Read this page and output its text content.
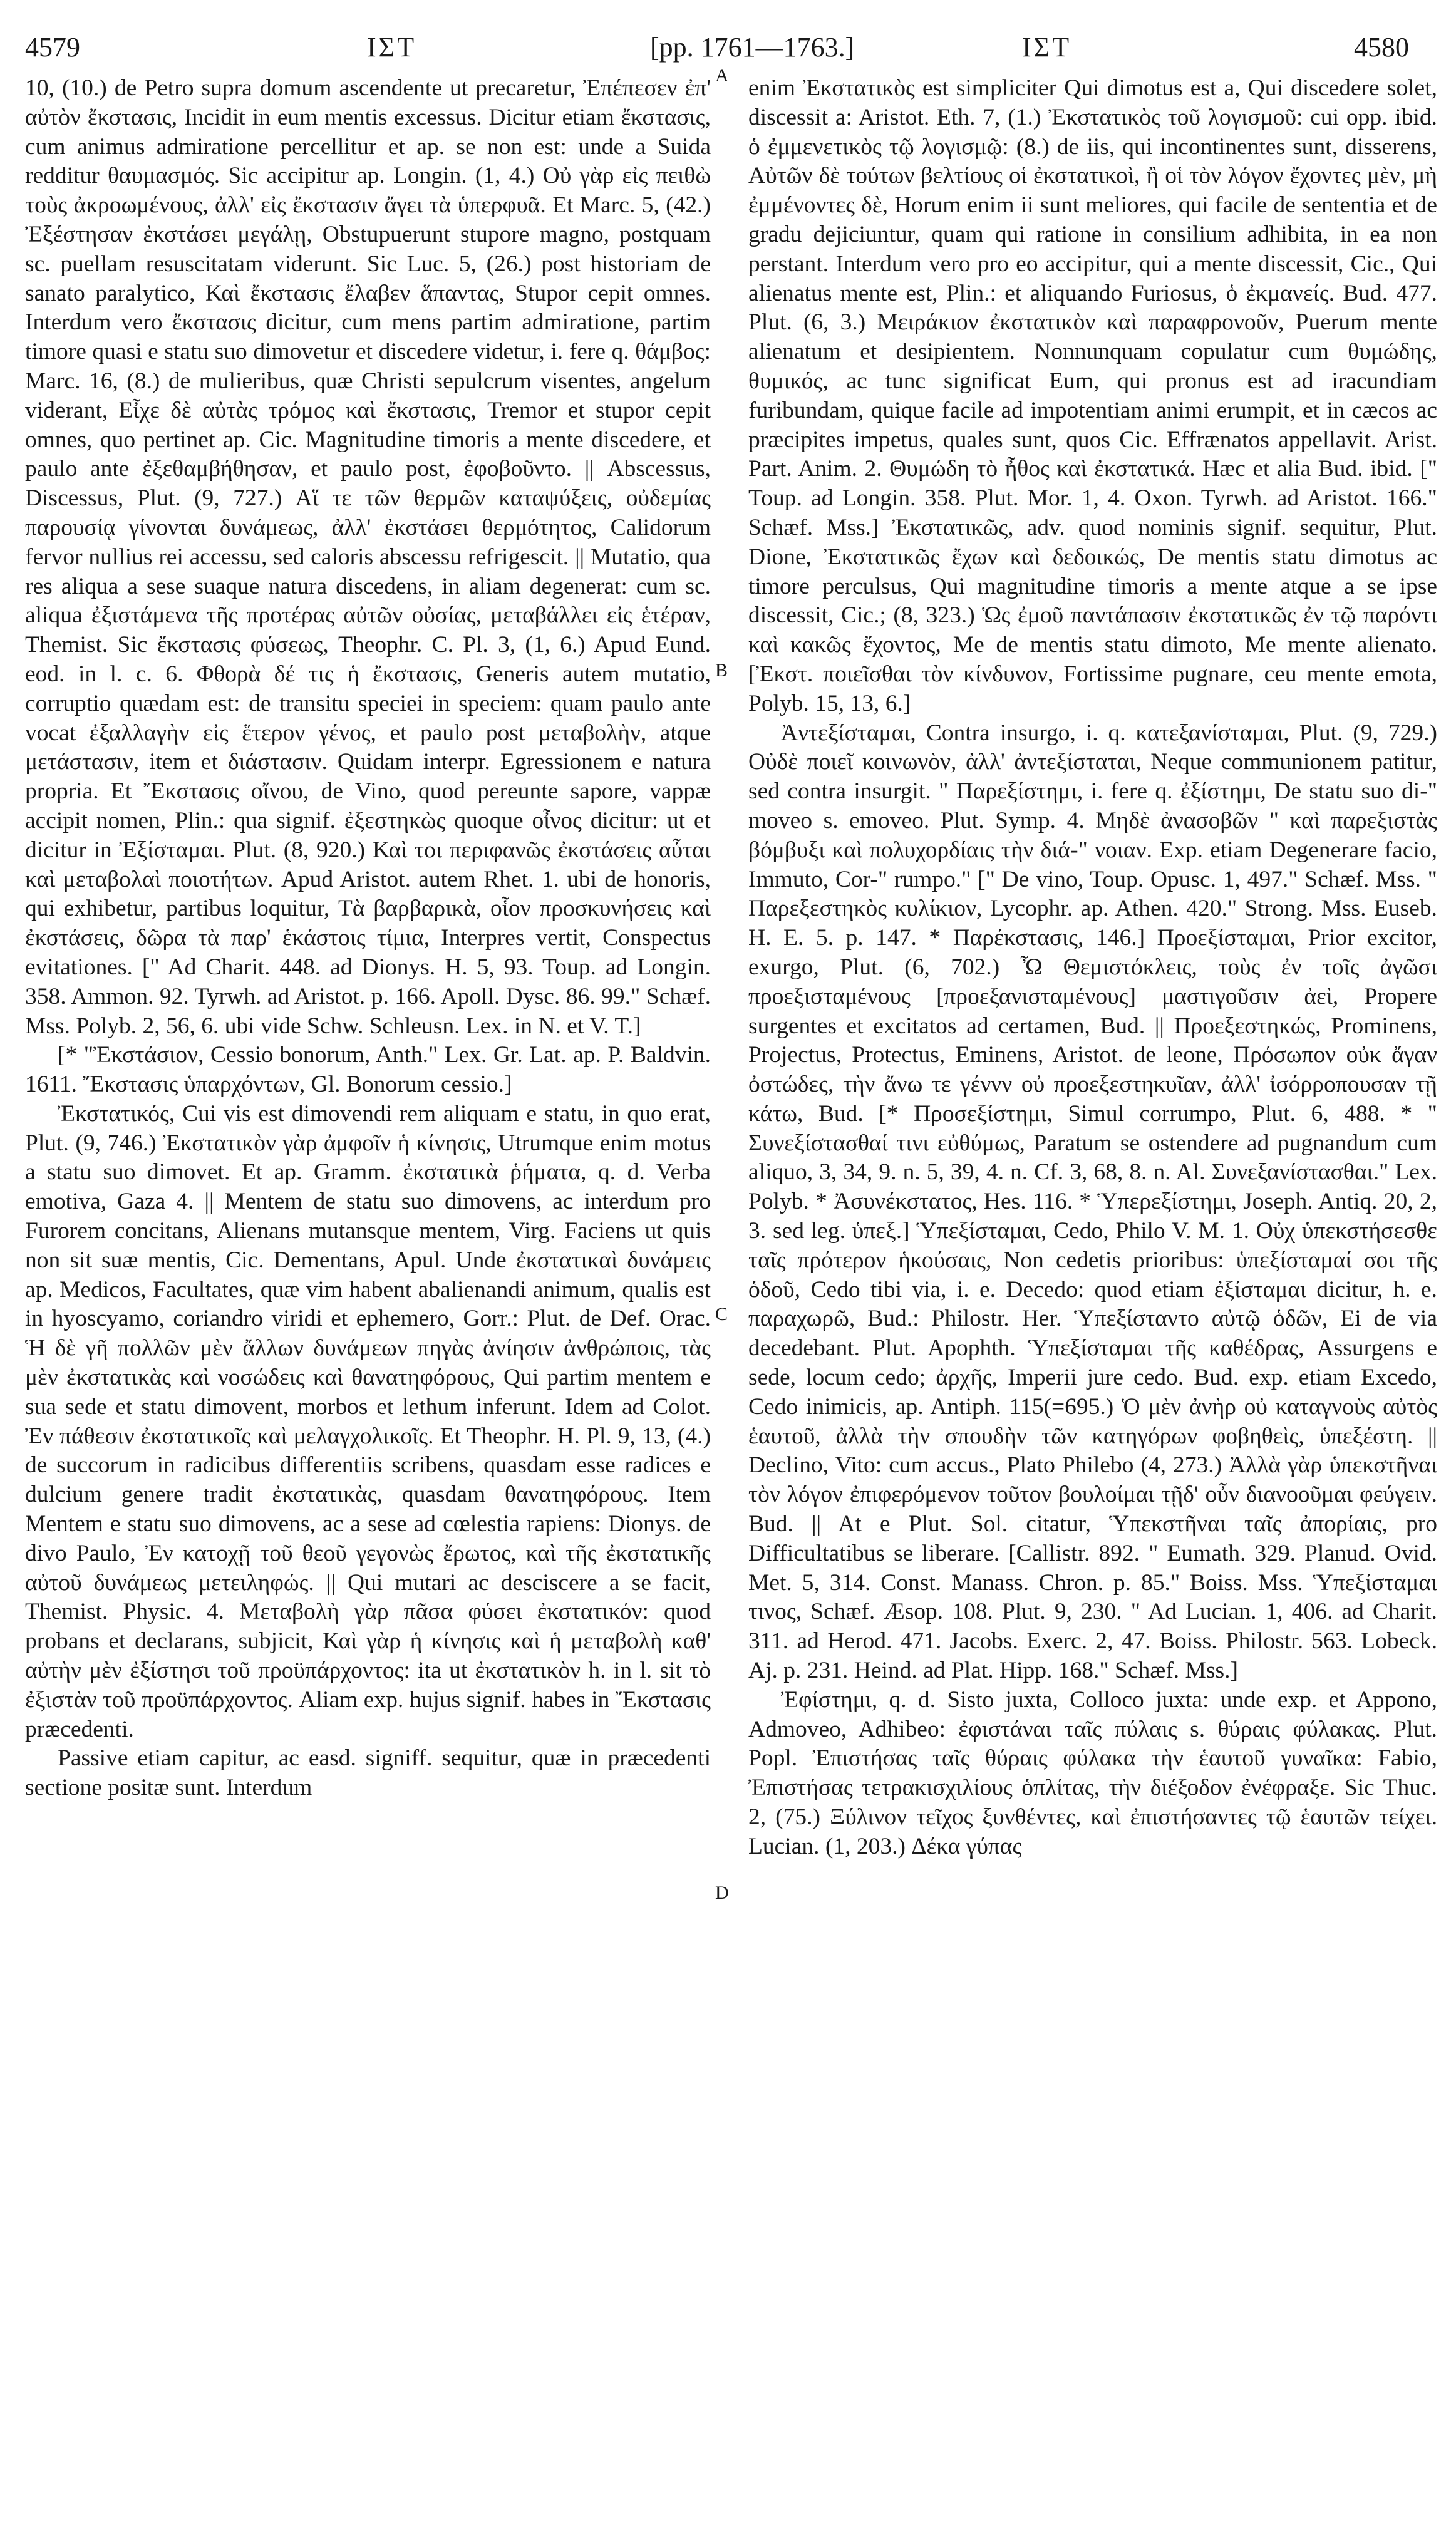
4579	ΙΣΤ	[pp. 1761—1763.]	ΙΣΤ	4580
A
B
C
D

10, (10.) de Petro supra domum ascendente ut precaretur, Ἐπέπεσεν ἐπ' αὐτὸν ἔκστασις, Incidit in eum mentis excessus. Dicitur etiam ἔκστασις, cum animus admiratione percellitur et ap. se non est: unde a Suida redditur θαυμασμός. Sic accipitur ap. Longin. (1, 4.) Οὐ γὰρ εἰς πειθὼ τοὺς ἀκροωμένους, ἀλλ' εἰς ἔκστασιν ἄγει τὰ ὑπερφυᾶ. Et Marc. 5, (42.) Ἐξέστησαν ἐκστάσει μεγάλῃ, Obstupuerunt stupore magno, postquam sc. puellam resuscitatam viderunt. Sic Luc. 5, (26.) post historiam de sanato paralytico, Καὶ ἔκστασις ἔλαβεν ἅπαντας, Stupor cepit omnes. Interdum vero ἔκστασις dicitur, cum mens partim admiratione, partim timore quasi e statu suo dimovetur et discedere videtur, i. fere q. θάμβος: Marc. 16, (8.) de mulieribus, quæ Christi sepulcrum visentes, angelum viderant, Εἶχε δὲ αὐτὰς τρόμος καὶ ἔκστασις, Tremor et stupor cepit omnes, quo pertinet ap. Cic. Magnitudine timoris a mente discedere, et paulo ante ἐξεθαμβήθησαν, et paulo post, ἐφοβοῦντο. || Abscessus, Discessus, Plut. (9, 727.) Αἵ τε τῶν θερμῶν καταψύξεις, οὐδεμίας παρουσίᾳ γίνονται δυνάμεως, ἀλλ' ἐκστάσει θερμότητος, Calidorum fervor nullius rei accessu, sed caloris abscessu refrigescit. || Mutatio, qua res aliqua a sese suaque natura discedens, in aliam degenerat: cum sc. aliqua ἐξιστάμενα τῆς προτέρας αὐτῶν οὐσίας, μεταβάλλει εἰς ἑτέραν, Themist. Sic ἔκστασις φύσεως, Theophr. C. Pl. 3, (1, 6.) Apud Eund. eod. in l. c. 6. Φθορὰ δέ τις ἡ ἔκστασις, Generis autem mutatio, corruptio quædam est: de transitu speciei in speciem: quam paulo ante vocat ἐξαλλαγὴν εἰς ἕτερον γένος, et paulo post μεταβολὴν, atque μετάστασιν, item et διάστασιν. Quidam interpr. Egressionem e natura propria. Et Ἔκστασις οἴνου, de Vino, quod pereunte sapore, vappæ accipit nomen, Plin.: qua signif. ἐξεστηκὼς quoque οἶνος dicitur: ut et dicitur in Ἐξίσταμαι. Plut. (8, 920.) Καὶ τοι περιφανῶς ἐκστάσεις αὗται καὶ μεταβολαὶ ποιοτήτων. Apud Aristot. autem Rhet. 1. ubi de honoris, qui exhibetur, partibus loquitur, Τὰ βαρβαρικὰ, οἷον προσκυνήσεις καὶ ἐκστάσεις, δῶρα τὰ παρ' ἑκάστοις τίμια, Interpres vertit, Conspectus evitationes. [" Ad Charit. 448. ad Dionys. H. 5, 93. Toup. ad Longin. 358. Ammon. 92. Tyrwh. ad Aristot. p. 166. Apoll. Dysc. 86. 99." Schæf. Mss. Polyb. 2, 56, 6. ubi vide Schw. Schleusn. Lex. in N. et V. T.]

[* "Ἐκστάσιον, Cessio bonorum, Anth." Lex. Gr. Lat. ap. P. Baldvin. 1611. Ἔκστασις ὑπαρχόντων, Gl. Bonorum cessio.]

Ἐκστατικός, Cui vis est dimovendi rem aliquam e statu, in quo erat, Plut. (9, 746.) Ἐκστατικὸν γὰρ ἀμφοῖν ἡ κίνησις, Utrumque enim motus a statu suo dimovet. Et ap. Gramm. ἐκστατικὰ ῥήματα, q. d. Verba emotiva, Gaza 4. || Mentem de statu suo dimovens, ac interdum pro Furorem concitans, Alienans mutansque mentem, Virg. Faciens ut quis non sit suæ mentis, Cic. Dementans, Apul. Unde ἐκστατικαὶ δυνάμεις ap. Medicos, Facultates, quæ vim habent abalienandi animum, qualis est in hyoscyamo, coriandro viridi et ephemero, Gorr.: Plut. de Def. Orac. Ἡ δὲ γῆ πολλῶν μὲν ἄλλων δυνάμεων πηγὰς ἀνίησιν ἀνθρώποις, τὰς μὲν ἐκστατικὰς καὶ νοσώδεις καὶ θανατηφόρους, Qui partim mentem e sua sede et statu dimovent, morbos et lethum inferunt. Idem ad Colot. Ἐν πάθεσιν ἐκστατικοῖς καὶ μελαγχολικοῖς. Et Theophr. H. Pl. 9, 13, (4.) de succorum in radicibus differentiis scribens, quasdam esse radices e dulcium genere tradit ἐκστατικὰς, quasdam θανατηφόρους. Item Mentem e statu suo dimovens, ac a sese ad cœlestia rapiens: Dionys. de divo Paulo, Ἐν κατοχῇ τοῦ θεοῦ γεγονὼς ἔρωτος, καὶ τῆς ἐκστατικῆς αὐτοῦ δυνάμεως μετειληφώς. || Qui mutari ac desciscere a se facit, Themist. Physic. 4. Μεταβολὴ γὰρ πᾶσα φύσει ἐκστατικόν: quod probans et declarans, subjicit, Καὶ γὰρ ἡ κίνησις καὶ ἡ μεταβολὴ καθ' αὐτὴν μὲν ἐξίστησι τοῦ προϋπάρχοντος: ita ut ἐκστατικὸν h. in l. sit τὸ ἐξιστὰν τοῦ προϋπάρχοντος. Aliam exp. hujus signif. habes in Ἔκστασις præcedenti.

Passive etiam capitur, ac easd. signiff. sequitur, quæ in præcedenti sectione positæ sunt. Interdum

enim Ἐκστατικὸς est simpliciter Qui dimotus est a, Qui discedere solet, discessit a: Aristot. Eth. 7, (1.) Ἐκστατικὸς τοῦ λογισμοῦ: cui opp. ibid. ὁ ἐμμενετικὸς τῷ λογισμῷ: (8.) de iis, qui incontinentes sunt, disserens, Αὐτῶν δὲ τούτων βελτίους οἱ ἐκστατικοὶ, ἢ οἱ τὸν λόγον ἔχοντες μὲν, μὴ ἐμμένοντες δὲ, Horum enim ii sunt meliores, qui facile de sententia et de gradu dejiciuntur, quam qui ratione in consilium adhibita, in ea non perstant. Interdum vero pro eo accipitur, qui a mente discessit, Cic., Qui alienatus mente est, Plin.: et aliquando Furiosus, ὁ ἐκμανείς. Bud. 477. Plut. (6, 3.) Μειράκιον ἐκστατικὸν καὶ παραφρονοῦν, Puerum mente alienatum et desipientem. Nonnunquam copulatur cum θυμώδης, θυμικός, ac tunc significat Eum, qui pronus est ad iracundiam furibundam, quique facile ad impotentiam animi erumpit, et in cæcos ac præcipites impetus, quales sunt, quos Cic. Effrænatos appellavit. Arist. Part. Anim. 2. Θυμώδη τὸ ἦθος καὶ ἐκστατικά. Hæc et alia Bud. ibid. [" Toup. ad Longin. 358. Plut. Mor. 1, 4. Oxon. Tyrwh. ad Aristot. 166." Schæf. Mss.] Ἐκστατικῶς, adv. quod nominis signif. sequitur, Plut. Dione, Ἐκστατικῶς ἔχων καὶ δεδοικώς, De mentis statu dimotus ac timore perculsus, Qui magnitudine timoris a mente atque a se ipse discessit, Cic.; (8, 323.) Ὡς ἐμοῦ παντάπασιν ἐκστατικῶς ἐν τῷ παρόντι καὶ κακῶς ἔχοντος, Me de mentis statu dimoto, Me mente alienato. [Ἐκστ. ποιεῖσθαι τὸν κίνδυνον, Fortissime pugnare, ceu mente emota, Polyb. 15, 13, 6.]

Ἀντεξίσταμαι, Contra insurgo, i. q. κατεξανίσταμαι, Plut. (9, 729.) Οὐδὲ ποιεῖ κοινωνὸν, ἀλλ' ἀντεξίσταται, Neque communionem patitur, sed contra insurgit. " Παρεξίστημι, i. fere q. ἐξίστημι, De statu suo di-" moveo s. emoveo. Plut. Symp. 4. Μηδὲ ἀνασοβῶν " καὶ παρεξιστὰς βόμβυξι καὶ πολυχορδίαις τὴν διά-" νοιαν. Exp. etiam Degenerare facio, Immuto, Cor-" rumpo." [" De vino, Toup. Opusc. 1, 497." Schæf. Mss. " Παρεξεστηκὸς κυλίκιον, Lycophr. ap. Athen. 420." Strong. Mss. Euseb. H. E. 5. p. 147. * Παρέκστασις, 146.] Προεξίσταμαι, Prior excitor, exurgo, Plut. (6, 702.) Ὦ Θεμιστόκλεις, τοὺς ἐν τοῖς ἀγῶσι προεξισταμένους [προεξανισταμένους] μαστιγοῦσιν ἀεὶ, Propere surgentes et excitatos ad certamen, Bud. || Προεξεστηκώς, Prominens, Projectus, Protectus, Eminens, Aristot. de leone, Πρόσωπον οὐκ ἄγαν ὀστώδες, τὴν ἄνω τε γέννν οὐ προεξεστηκυῖαν, ἀλλ' ἰσόρροπουσαν τῇ κάτω, Bud. [* Προσεξίστημι, Simul corrumpo, Plut. 6, 488. * " Συνεξίστασθαί τινι εὐθύμως, Paratum se ostendere ad pugnandum cum aliquo, 3, 34, 9. n. 5, 39, 4. n. Cf. 3, 68, 8. n. Al. Συνεξανίστασθαι." Lex. Polyb. * Ἀσυνέκστατος, Hes. 116. * Ὑπερεξίστημι, Joseph. Antiq. 20, 2, 3. sed leg. ὑπεξ.] Ὑπεξίσταμαι, Cedo, Philo V. M. 1. Οὐχ ὑπεκστήσεσθε ταῖς πρότερον ἡκούσαις, Non cedetis prioribus: ὑπεξίσταμαί σοι τῆς ὁδοῦ, Cedo tibi via, i. e. Decedo: quod etiam ἐξίσταμαι dicitur, h. e. παραχωρῶ, Bud.: Philostr. Her. Ὑπεξίσταντο αὐτῷ ὁδῶν, Ei de via decedebant. Plut. Apophth. Ὑπεξίσταμαι τῆς καθέδρας, Assurgens e sede, locum cedo; ἀρχῆς, Imperii jure cedo. Bud. exp. etiam Excedo, Cedo inimicis, ap. Antiph. 115(=695.) Ὁ μὲν ἀνὴρ οὐ καταγνοὺς αὐτὸς ἑαυτοῦ, ἀλλὰ τὴν σπουδὴν τῶν κατηγόρων φοβηθεὶς, ὑπεξέστη. || Declino, Vito: cum accus., Plato Philebo (4, 273.) Ἀλλὰ γὰρ ὑπεκστῆναι τὸν λόγον ἐπιφερόμενον τοῦτον βουλοίμαι τῇδ' οὖν διανοοῦμαι φεύγειν. Bud. || At e Plut. Sol. citatur, Ὑπεκστῆναι ταῖς ἀπορίαις, pro Difficultatibus se liberare. [Callistr. 892. " Eumath. 329. Planud. Ovid. Met. 5, 314. Const. Manass. Chron. p. 85." Boiss. Mss. Ὑπεξίσταμαι τινος, Schæf. Æsop. 108. Plut. 9, 230. " Ad Lucian. 1, 406. ad Charit. 311. ad Herod. 471. Jacobs. Exerc. 2, 47. Boiss. Philostr. 563. Lobeck. Aj. p. 231. Heind. ad Plat. Hipp. 168." Schæf. Mss.]

Ἐφίστημι, q. d. Sisto juxta, Colloco juxta: unde exp. et Appono, Admoveo, Adhibeo: ἐφιστάναι ταῖς πύλαις s. θύραις φύλακας. Plut. Popl. Ἐπιστήσας ταῖς θύραις φύλακα τὴν ἑαυτοῦ γυναῖκα: Fabio, Ἐπιστήσας τετρακισχιλίους ὁπλίτας, τὴν διέξοδον ἐνέφραξε. Sic Thuc. 2, (75.) Ξύλινον τεῖχος ξυνθέντες, καὶ ἐπιστήσαντες τῷ ἑαυτῶν τείχει. Lucian. (1, 203.) Δέκα γύπας
